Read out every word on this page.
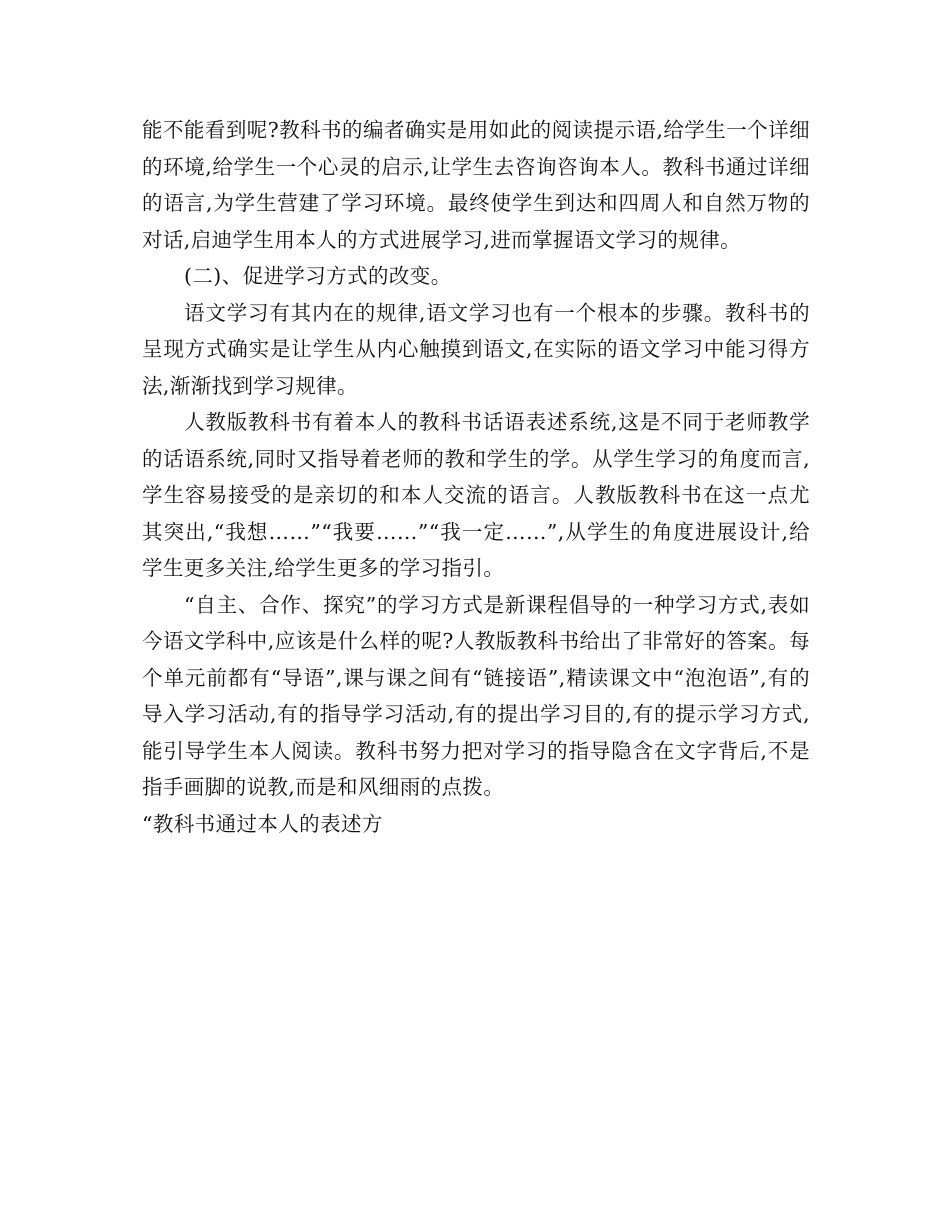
能不能看到呢?教科书的编者确实是用如此的阅读提示语,给学生一个详细的环境,给学生一个心灵的启示,让学生去咨询咨询本人。教科书通过详细的语言,为学生营建了学习环境。最终使学生到达和四周人和自然万物的对话,启迪学生用本人的方式进展学习,进而掌握语文学习的规律。

(二)、促进学习方式的改变。

语文学习有其内在的规律,语文学习也有一个根本的步骤。教科书的呈现方式确实是让学生从内心触摸到语文,在实际的语文学习中能习得方法,渐渐找到学习规律。

人教版教科书有着本人的教科书话语表述系统,这是不同于老师教学的话语系统,同时又指导着老师的教和学生的学。从学生学习的角度而言,学生容易接受的是亲切的和本人交流的语言。人教版教科书在这一点尤其突出,“我想……”“我要……”“我一定……”,从学生的角度进展设计,给学生更多关注,给学生更多的学习指引。

“自主、合作、探究”的学习方式是新课程倡导的一种学习方式,表如今语文学科中,应该是什么样的呢?人教版教科书给出了非常好的答案。每个单元前都有“导语”,课与课之间有“链接语”,精读课文中“泡泡语”,有的导入学习活动,有的指导学习活动,有的提出学习目的,有的提示学习方式,能引导学生本人阅读。教科书努力把对学习的指导隐含在文字背后,不是指手画脚的说教,而是和风细雨的点拨。

“教科书通过本人的表述方
